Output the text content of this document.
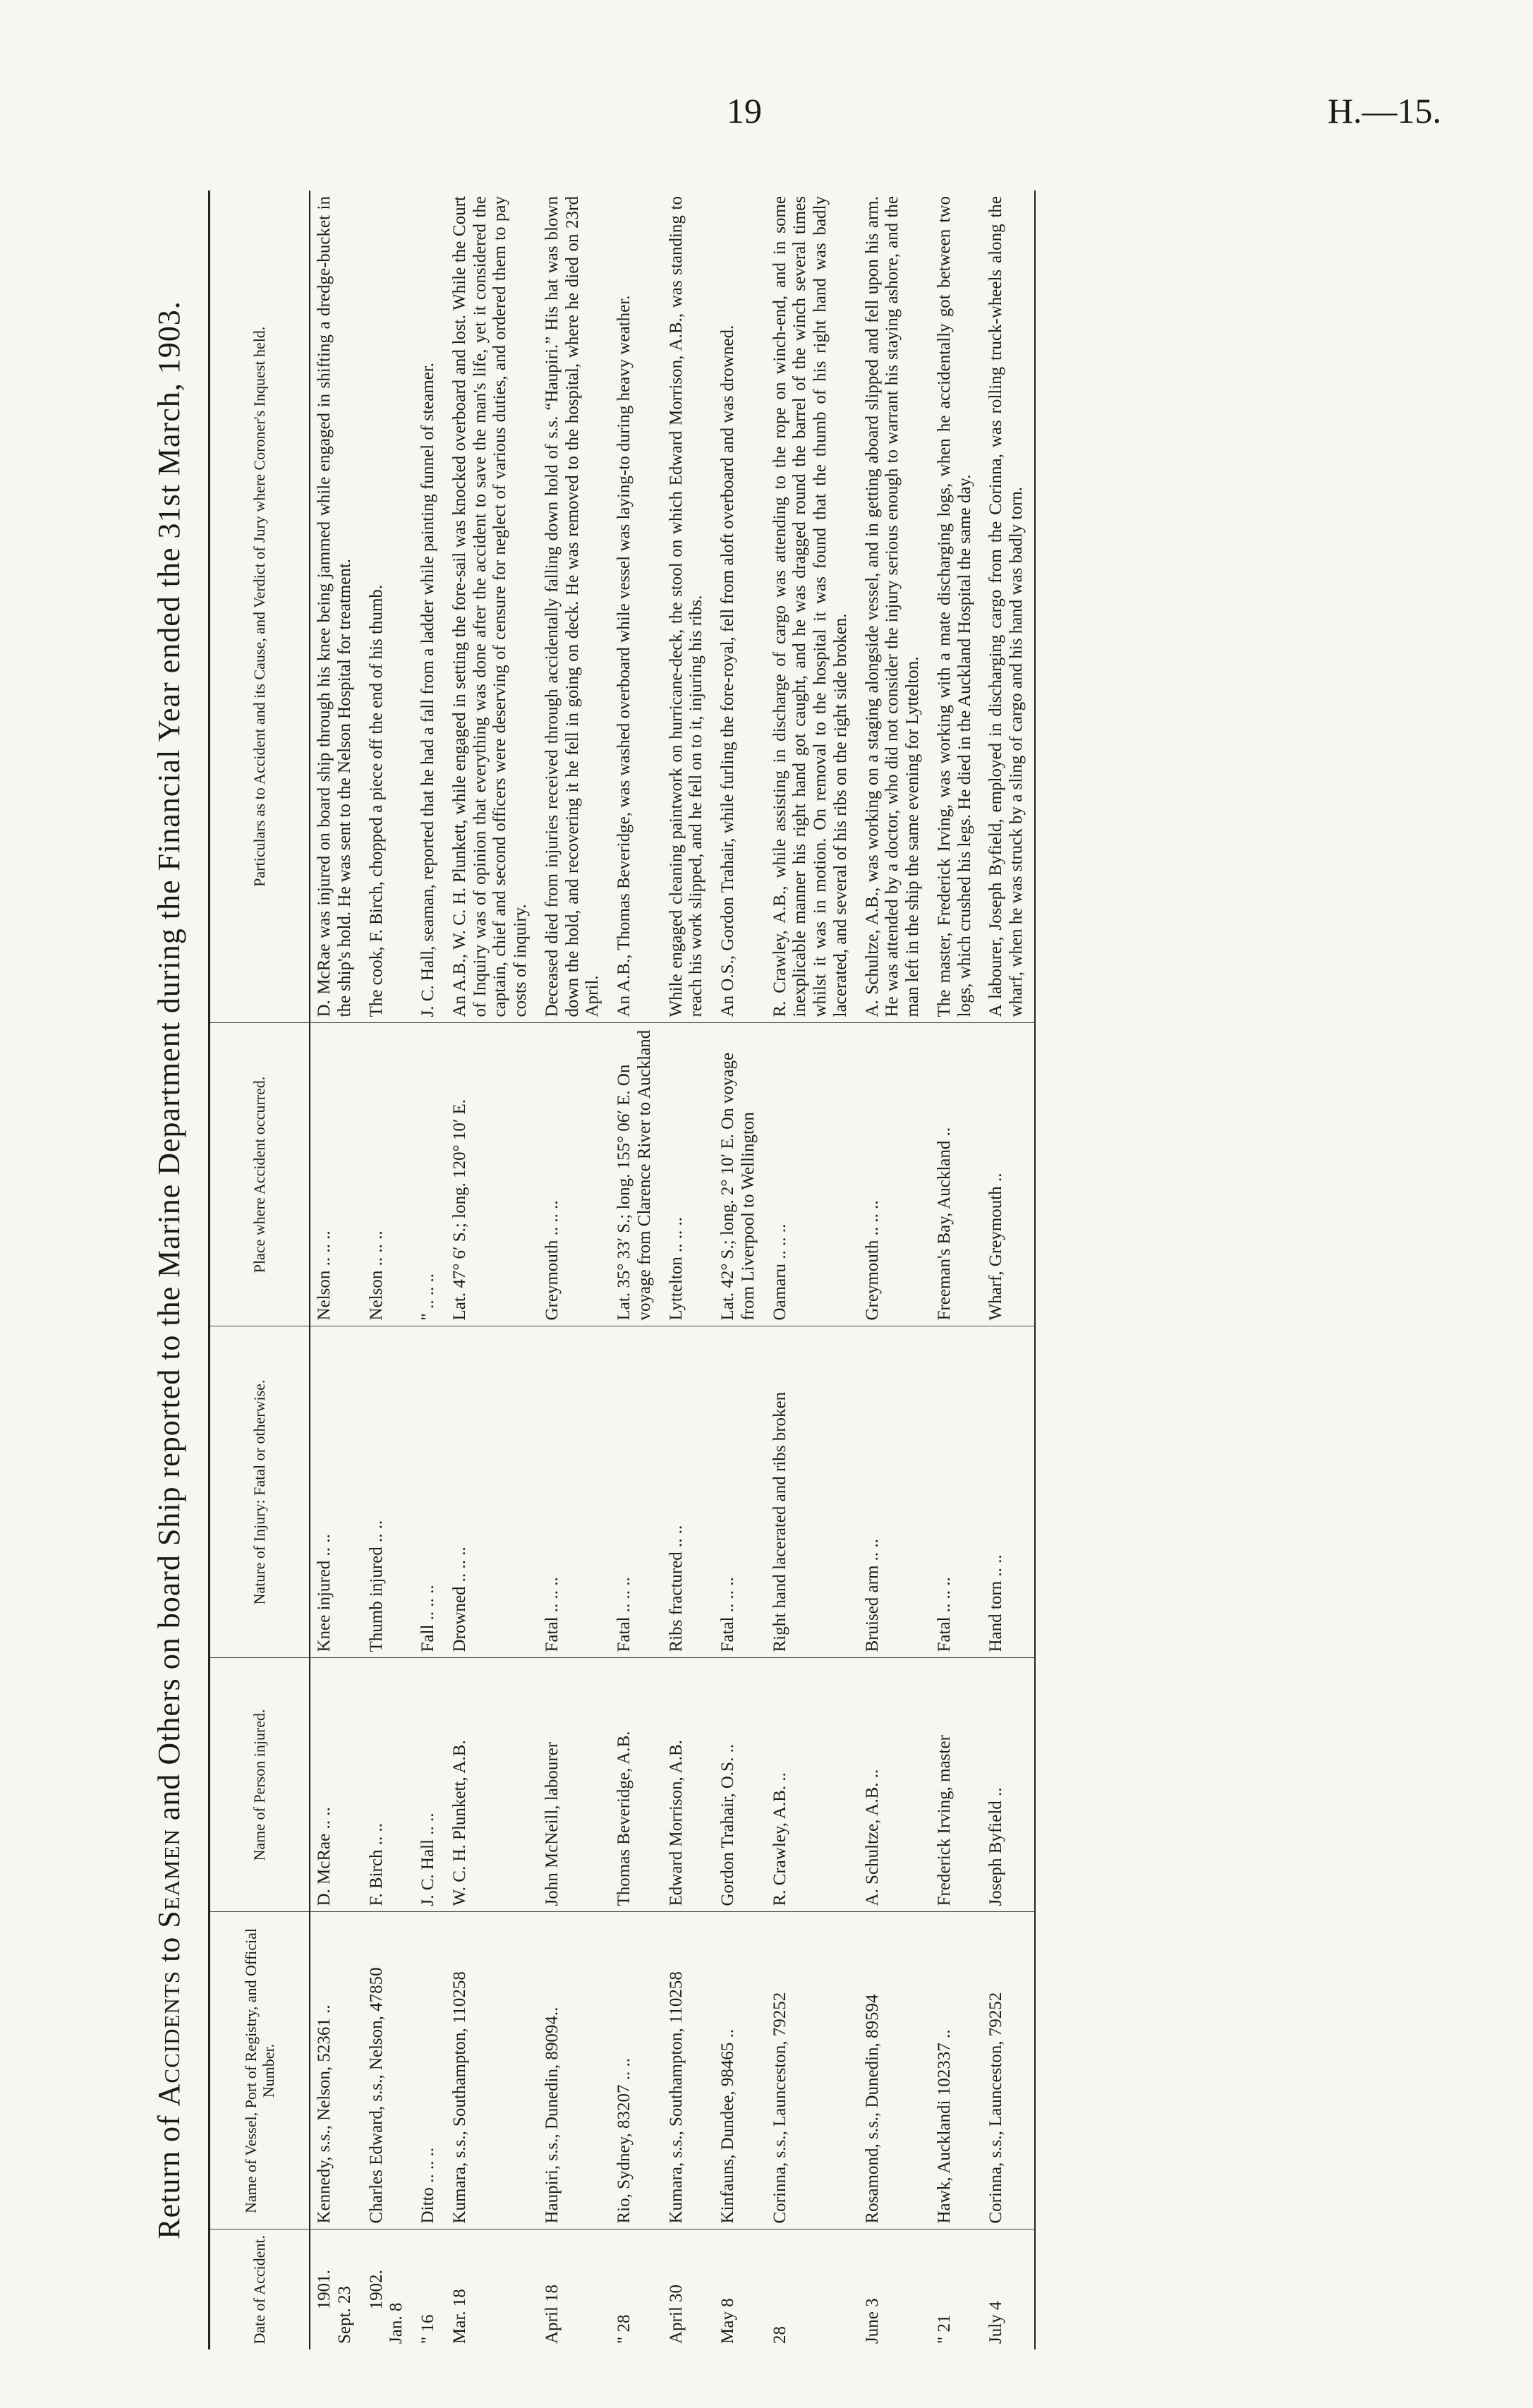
19	H.—15.
Return of Accidents to Seamen and Others on board Ship reported to the Marine Department during the Financial Year ended the 31st March, 1903.
Date of Accident.	Name of Vessel, Port of Registry, and Official Number.	Name of Person injured.	Nature of Injury: Fatal or otherwise.	Place where Accident occurred.	Particulars as to Accident and its Cause, and Verdict of Jury where Coroner's Inquest held.

1901. Sept. 23	Kennedy, s.s., Nelson, 52361 ..	D. McRae .. ..	Knee injured .. ..	Nelson .. .. ..	D. McRae was injured on board ship through his knee being jammed while engaged in shifting a dredge-bucket in the ship's hold. He was sent to the Nelson Hospital for treatment.

1902.
Jan. 8	Charles Edward, s.s., Nelson, 47850	F. Birch .. ..	Thumb injured .. ..	Nelson .. .. ..	The cook, F. Birch, chopped a piece off the end of his thumb.
" 16	Ditto .. .. ..	J. C. Hall .. ..	Fall .. .. ..	" .. .. ..	J. C. Hall, seaman, reported that he had a fall from a ladder while painting funnel of steamer.
Mar. 18	Kumara, s.s., Southampton, 110258	W. C. H. Plunkett, A.B.	Drowned .. .. ..	Lat. 47° 6′ S.; long. 120° 10′ E.	An A.B., W. C. H. Plunkett, while engaged in setting the fore-sail was knocked overboard and lost. While the Court of Inquiry was of opinion that everything was done after the accident to save the man's life, yet it considered the captain, chief and second officers were deserving of censure for neglect of various duties, and ordered them to pay costs of inquiry.
April 18	Haupiri, s.s., Dunedin, 89094..	John McNeill, labourer	Fatal .. .. ..	Greymouth .. .. ..	Deceased died from injuries received through accidentally falling down hold of s.s. “Haupiri.” His hat was blown down the hold, and recovering it he fell in going on deck. He was removed to the hospital, where he died on 23rd April.
" 28	Rio, Sydney, 83207 .. ..	Thomas Beveridge, A.B.	Fatal .. .. ..	Lat. 35° 33′ S.; long. 155° 06′ E. On voyage from Clarence River to Auckland	An A.B., Thomas Beveridge, was washed overboard while vessel was laying-to during heavy weather.
April 30	Kumara, s.s., Southampton, 110258	Edward Morrison, A.B.	Ribs fractured .. ..	Lyttelton .. .. ..	While engaged cleaning paintwork on hurricane-deck, the stool on which Edward Morrison, A.B., was standing to reach his work slipped, and he fell on to it, injuring his ribs.
May 8	Kinfauns, Dundee, 98465 ..	Gordon Trahair, O.S. ..	Fatal .. .. ..	Lat. 42° S.; long. 2° 10′ E. On voyage from Liverpool to Wellington	An O.S., Gordon Trahair, while furling the fore-royal, fell from aloft overboard and was drowned.
28	Corinna, s.s., Launceston, 79252	R. Crawley, A.B. ..	Right hand lacerated and ribs broken	Oamaru .. .. ..	R. Crawley, A.B., while assisting in discharge of cargo was attending to the rope on winch-end, and in some inexplicable manner his right hand got caught, and he was dragged round the barrel of the winch several times whilst it was in motion. On removal to the hospital it was found that the thumb of his right hand was badly lacerated, and several of his ribs on the right side broken.
June 3	Rosamond, s.s., Dunedin, 89594	A. Schultze, A.B. ..	Bruised arm .. ..	Greymouth .. .. ..	A. Schultze, A.B., was working on a staging alongside vessel, and in getting aboard slipped and fell upon his arm. He was attended by a doctor, who did not consider the injury serious enough to warrant his staying ashore, and the man left in the ship the same evening for Lyttelton.
" 21	Hawk, Aucklandi 102337 ..	Frederick Irving, master	Fatal .. .. ..	Freeman's Bay, Auckland ..	The master, Frederick Irving, was working with a mate discharging logs, when he accidentally got between two logs, which crushed his legs. He died in the Auckland Hospital the same day.
July 4	Corinna, s.s., Launceston, 79252	Joseph Byfield ..	Hand torn .. ..	Wharf, Greymouth ..	A labourer, Joseph Byfield, employed in discharging cargo from the Corinna, was rolling truck-wheels along the wharf, when he was struck by a sling of cargo and his hand was badly torn.
